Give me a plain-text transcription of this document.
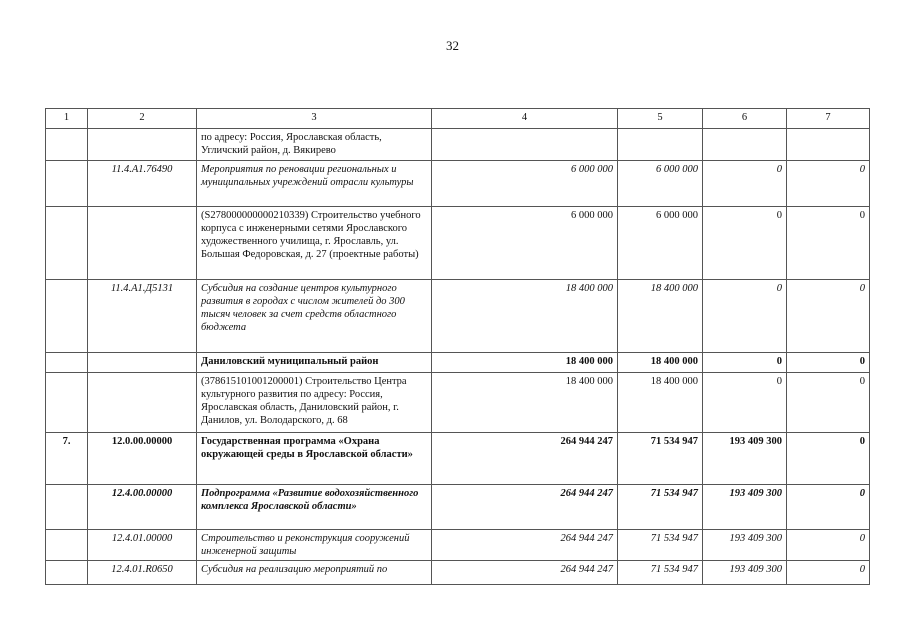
32
1	2	3	4	5	6	7
		по адресу: Россия, Ярославская область, Угличский район, д. Вякирево				
	11.4.А1.76490	Мероприятия по реновации региональных и муниципальных учреждений отрасли культуры	6 000 000	6 000 000	0	0
		(S278000000000210339) Строительство учебного корпуса с инженерными сетями Ярославского художественного училища, г. Ярославль, ул. Большая Федоровская, д. 27 (проектные работы)	6 000 000	6 000 000	0	0
	11.4.А1.Д5131	Субсидия на создание центров культурного развития в городах с числом жителей до 300 тысяч человек за счет средств областного бюджета	18 400 000	18 400 000	0	0
		Даниловский муниципальный район	18 400 000	18 400 000	0	0
		(378615101001200001) Строительство Центра культурного развития по адресу: Россия, Ярославская область, Даниловский район, г. Данилов, ул. Володарского, д. 68	18 400 000	18 400 000	0	0
7.	12.0.00.00000	Государственная программа «Охрана окружающей среды в Ярославской области»	264 944 247	71 534 947	193 409 300	0
	12.4.00.00000	Подпрограмма «Развитие водохозяйственного комплекса Ярославской области»	264 944 247	71 534 947	193 409 300	0
	12.4.01.00000	Строительство и реконструкция сооружений инженерной защиты	264 944 247	71 534 947	193 409 300	0
	12.4.01.R0650	Субсидия на реализацию мероприятий по	264 944 247	71 534 947	193 409 300	0
